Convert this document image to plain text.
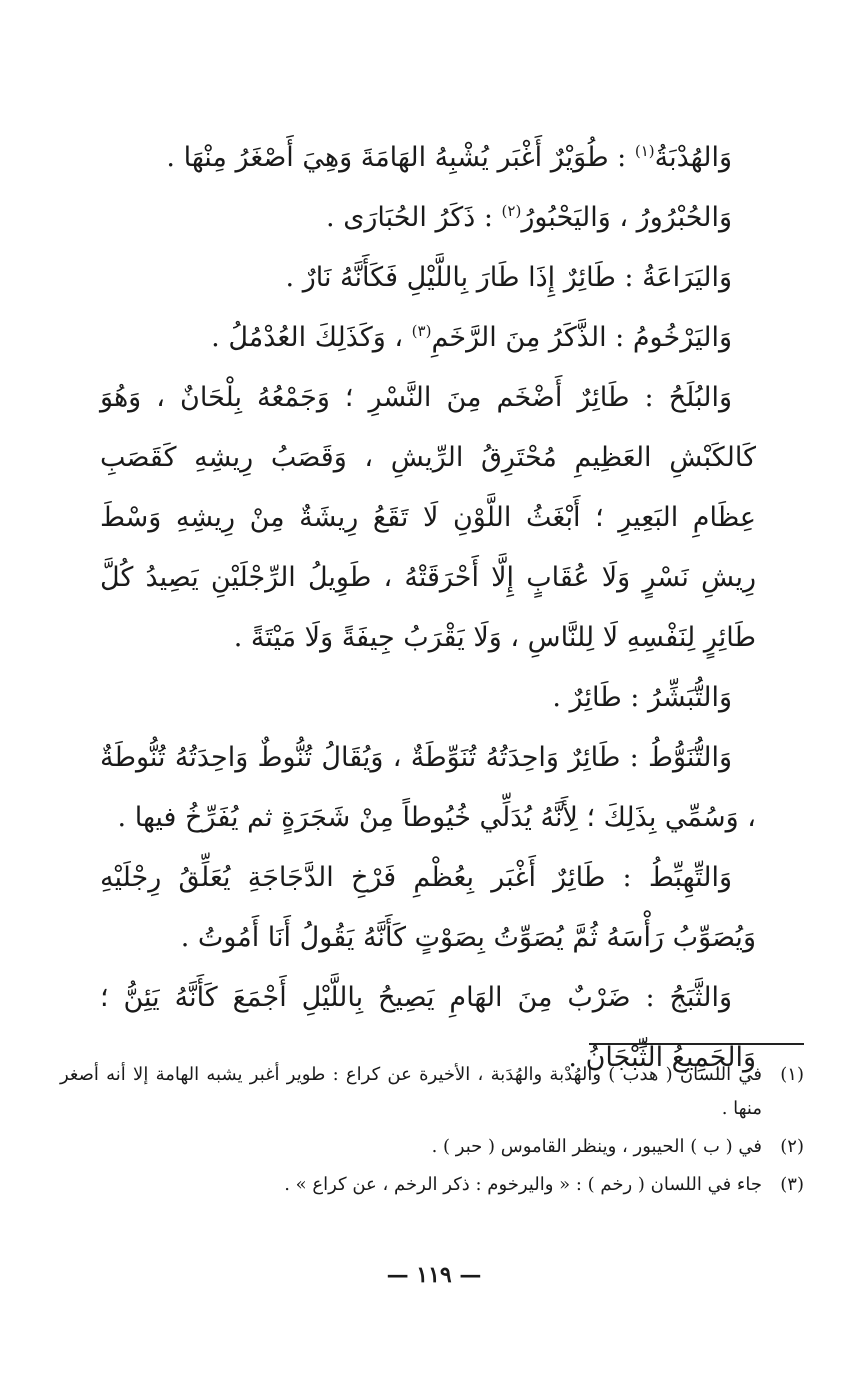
وَالهُدْبَةُ$^{(١)}$ : طُوَيْرٌ أَغْبَر يُشْبِهُ الهَامَةَ وَهِيَ أَصْغَرُ مِنْهَا .

وَالحُبْرُورُ ، وَاليَحْبُورُ$^{(٢)}$ : ذَكَرُ الحُبَارَى .

وَاليَرَاعَةُ : طَائِرٌ إِذَا طَارَ بِاللَّيْلِ فَكَأَنَّهُ نَارٌ .

وَاليَرْخُومُ : الذَّكَرُ مِنَ الرَّخَمِ$^{(٣)}$ ، وَكَذَلِكَ العُدْمُلُ .

وَالبُلَحُ : طَائِرٌ أَضْخَم مِنَ النَّسْرِ ؛ وَجَمْعُهُ بِلْحَانٌ ، وَهُوَ كَالكَبْشِ العَظِيمِ مُحْتَرِقُ الرِّيشِ ، وَقَصَبُ رِيشِهِ كَقَصَبِ عِظَامِ البَعِيرِ ؛ أَبْغَثُ اللَّوْنِ لَا تَقَعُ رِيشَةٌ مِنْ رِيشِهِ وَسْطَ رِيشِ نَسْرٍ وَلَا عُقَابٍ إِلَّا أَحْرَقَتْهُ ، طَوِيلُ الرِّجْلَيْنِ يَصِيدُ كُلَّ طَائِرٍ لِنَفْسِهِ لَا لِلنَّاسِ ، وَلَا يَقْرَبُ جِيفَةً وَلَا مَيْتَةً .

وَالتُّبَشِّرُ : طَائِرٌ .

وَالتُّنَوُّطُ : طَائِرٌ وَاحِدَتُهُ تُنَوِّطَةٌ ، وَيُقَالُ تُنُّوطٌ وَاحِدَتُهُ تُنُّوطَةٌ ، وَسُمِّي بِذَلِكَ ؛ لِأَنَّهُ يُدَلِّي خُيُوطاً مِنْ شَجَرَةٍ ثم يُفَرِّخُ فيها .

وَالتِّهِبِّطُ : طَائِرٌ أَغْبَر بِعُظْمِ فَرْخِ الدَّجَاجَةِ يُعَلِّقُ رِجْلَيْهِ وَيُصَوِّبُ رَأْسَهُ ثُمَّ يُصَوِّتُ بِصَوْتٍ كَأَنَّهُ يَقُولُ أَنَا أَمُوتُ .

وَالثَّبَجُ : ضَرْبٌ مِنَ الهَامِ يَصِيحُ بِاللَّيْلِ أَجْمَعَ كَأَنَّهُ يَئِنُّ ؛ وَالجَمِيعُ الثِّبْجَانُ .

(١)
في اللسان ( هدب ) والهُدْبة والهُدَبة ، الأخيرة عن كراع : طوير أغبر يشبه الهامة إلا أنه أصغر منها .
(٢)
في ( ب ) الحيبور ، وينظر القاموس ( حبر ) .
(٣)
جاء في اللسان ( رخم ) : « واليرخوم : ذكر الرخم ، عن كراع » .
— ١١٩ —
